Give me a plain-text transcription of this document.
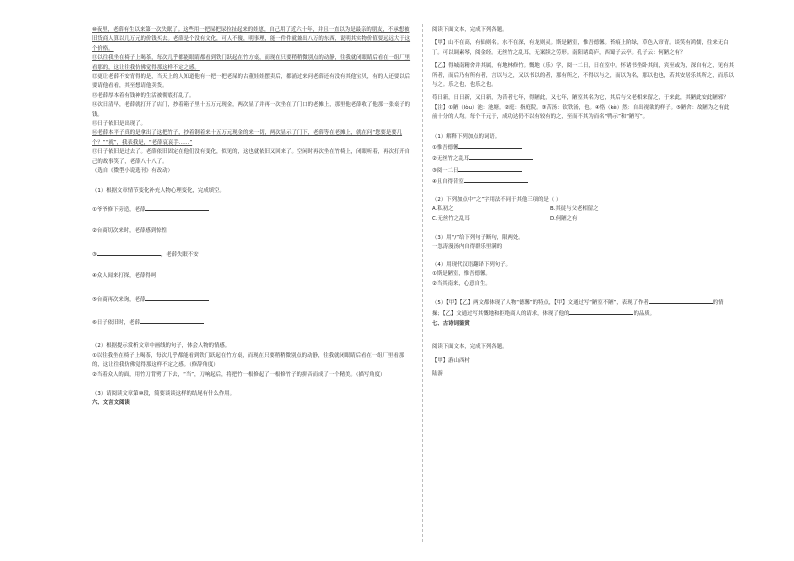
⑩夜里，老薛有生以来第一次失眠了。这些用一把屎把尿拉扯起来的娃崽，自己用了近六十年，并且一直以为是最亲的朋友，不承想被旧货商人算以几万元的价钱买去。老薛是个没有文化，可人不傻，明事理，能一件件就兼出八万的东西，说明其实物价值要远远大于这个价格。

⑪以往我坐在椅子上喝茶，每次几乎都能眼睛都看到铁门跃起在竹方桌，而现在只要稍稍微别点的动静，往我就闭眼睛后看在一组厂里看那的，这让往我仿佛觉得那这样不定之感。

⑫更让老薛不安宵得的是，当天上的人知道他有一把一把老屎的古董娃娃摆卖后，都涌过来问老薛还有没有其他宝贝，有的人还要以后要请他看看，其至想请他卖货。

⑬老薛厚本着有钱神的生活被彻底打乱了。

⑭次日清早，老薛就打开了店门，抄着箱子里十五万元现金，两次显了并再一次坐在了门口的老摊上，那里他老薛收了他那一张桌子的钱。

⑮日子依旧是出现了。

⑯老薛本平子真的是拿出了这把竹子，抄着钢着来十五万元现金的来一切，两次显示了门下，老薛等在老摊上，就在问“您要是要几个？”“就”，我表我是，“老薛哀哀手……”

⑰日子依旧是过去了。老薛依旧固定在他们没有变化，似见的，这也就依旧又回来了。空闲时再次坐在竹椅上，闭眼听着，再次打开自己的故事笑了，老薛八十八了。

（选自《微型小说选刊》有改动）

（1）根据文章情节变化补充人物心理变化，完成填空。

①爷爷修下旁造，老薛

②台商切次来时，老薛感到惊惶

③	，老薛失眠不安

④众人闻来打探，老薛得呵

⑤台商再次来询，老薛

⑥日子依旧时，老薛

（2）根据提示赏析文章中画线的句子，体会人物的情感。

①以往我坐在椅子上喝茶，每次几乎都能看到铁门跃起在竹方桌，而现在只要稍稍微别点的动静，往我就闭眼睛后看在一组厂里看那的，这让往我仿佛觉得那这样不定之感。（修辞角度）

②当着众人的面，用竹刀背劈了下去，“当”，刀响起后，将把竹一根修起了一根修竹子的拼音而成了一个精美。（描写角度）

（3）请阅读文章第⑩段，简要谈谈这样的结尾有什么作用。

六、文言文阅读

阅读下面文本，完成下列各题。

【甲】山不在高，有仙则名。水不在深，有龙则灵。斯是陋室，惟吾德馨。苔痕上阶绿，草色入帘青。谈笑有鸿儒，往来无白丁。可以调素琴，阅金经。无丝竹之乱耳，无案牍之劳形。南阳诸葛庐，西蜀子云亭。孔子云：何陋之有？

【乙】得城南精舍并其属，有地林修竹。慨地（乐）学，阅一二日，日在室中。怀诸书坐卧其间，宾至或为，深自有之，见有其所者，而后乃有所有者，言以与之，又以书以的者，那有所之，不得以与之，而以为名，那以也也，若其安居乐其所之，而乐以与之。乐之也，也乐之也。

苟日新，日日新，又日新，为昔者七年，得陋此，又七年，陋室其名为它，其后与父老相来留之，于来此，其陋此安此陋邪？

【注】①陋（lòu）池：池塘。②庭：指庭院。③苦汤：钦铁汤，也。④恪（kè）然：自出视欲的样子。⑤陋舍：故陋为之有此前十分的人均。每个千元于，成功达仍不以有较有的之，至而不其为而名“鸭示”和“陋写”。

（1）解释下列加点的词语。

①惟吾德馨

②无丝竹之乱耳

③阅一二日

④且自得昔室

（2）下列加点中“之”字用法不同于其他三项的是（ ）

A.私初之	B.其徒与父老相留之
C.无丝竹之乱耳	D.何陋之有

（3）用“/”给下列句子断句，限两处。

一忽涛漫汤内自得群乐里满的

（4）用现代汉语翻译下列句子。

①斯是陋室，惟吾德馨。

②当其南来，心意自生。

（5）【甲】【乙】两文都体现了人物“德馨”的特点，【甲】文通过写“陋室不陋”，表现了作者	的情操；【乙】文通过写其慨地和拒绝商人的请求，体现了他的	的品质。

七、古诗词鉴赏

阅读下面文本，完成下列各题。

【甲】游山西村

陆游
